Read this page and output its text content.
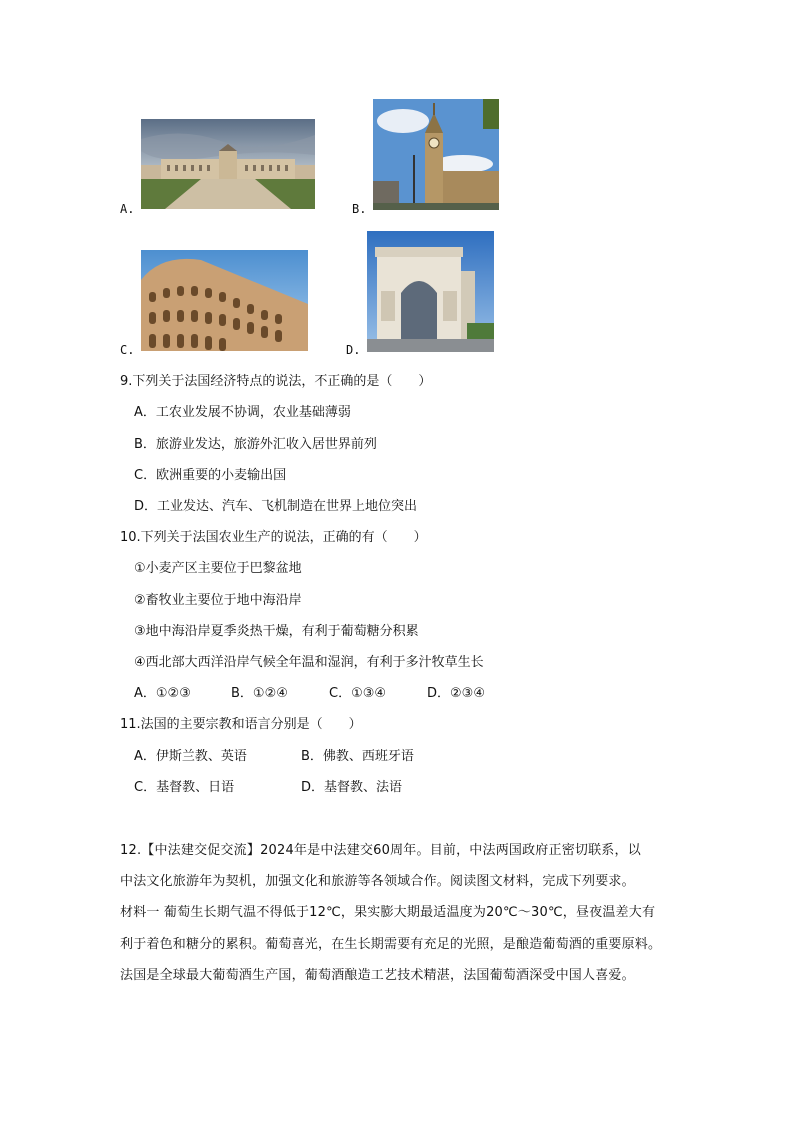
A.	B.
C.	D.
9.下列关于法国经济特点的说法，不正确的是（　　）
A．工农业发展不协调，农业基础薄弱
B．旅游业发达，旅游外汇收入居世界前列
C．欧洲重要的小麦输出国
D．工业发达、汽车、飞机制造在世界上地位突出
10.下列关于法国农业生产的说法，正确的有（　　）
①小麦产区主要位于巴黎盆地
②畜牧业主要位于地中海沿岸
③地中海沿岸夏季炎热干燥，有利于葡萄糖分积累
④西北部大西洋沿岸气候全年温和湿润，有利于多汁牧草生长
A．①②③	B．①②④	C．①③④	D．②③④
11.法国的主要宗教和语言分别是（　　）
A．伊斯兰教、英语	B．佛教、西班牙语
C．基督教、日语	D．基督教、法语
12.【中法建交促交流】2024年是中法建交60周年。目前，中法两国政府正密切联系，以
中法文化旅游年为契机，加强文化和旅游等各领域合作。阅读图文材料，完成下列要求。
材料一 葡萄生长期气温不得低于12℃，果实膨大期最适温度为20℃～30℃，昼夜温差大有
利于着色和糖分的累积。葡萄喜光，在生长期需要有充足的光照，是酿造葡萄酒的重要原料。
法国是全球最大葡萄酒生产国，葡萄酒酿造工艺技术精湛，法国葡萄酒深受中国人喜爱。
